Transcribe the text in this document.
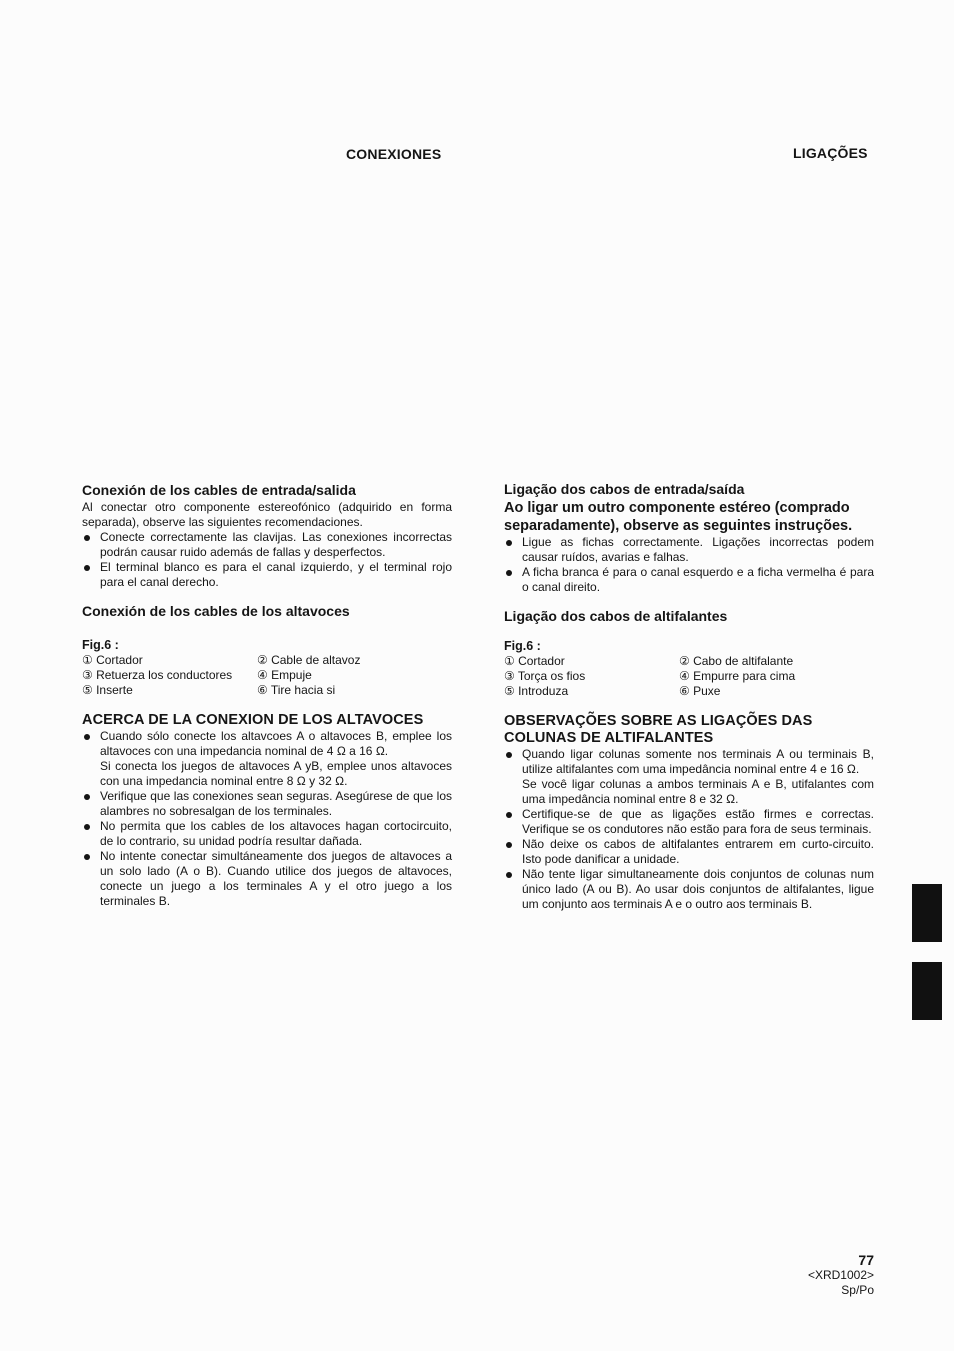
CONEXIONES	LIGAÇÕES

Conexión de los cables de entrada/salida

Al conectar otro componente estereofónico (adquirido en forma separada), observe las siguientes recomendaciones.

Conecte correctamente las clavijas. Las conexiones incorrectas podrán causar ruido además de fallas y desperfectos.
El terminal blanco es para el canal izquierdo, y el terminal rojo para el canal derecho.

Conexión de los cables de los altavoces

Fig.6 :

① Cortador	② Cable de altavoz
③ Retuerza los conductores	④ Empuje
⑤ Inserte	⑥ Tire hacia si

ACERCA DE LA CONEXION DE LOS ALTAVOCES

Cuando sólo conecte los altavcoes A o altavoces B, emplee los altavoces con una impedancia nominal de 4 Ω a 16 Ω.
Si conecta los juegos de altavoces A yB, emplee unos altavoces con una impedancia nominal entre 8 Ω y 32 Ω.
Verifique que las conexiones sean seguras. Asegúrese de que los alambres no sobresalgan de los terminales.
No permita que los cables de los altavoces hagan cortocircuito, de lo contrario, su unidad podría resultar dañada.
No intente conectar simultáneamente dos juegos de altavoces a un solo lado (A o B). Cuando utilice dos juegos de altavoces, conecte un juego a los terminales A y el otro juego a los terminales B.

Ligação dos cabos de entrada/saída

Ao ligar um outro componente estéreo (comprado separadamente), observe as seguintes instruções.

Ligue as fichas correctamente. Ligações incorrectas podem causar ruídos, avarias e falhas.
A ficha branca é para o canal esquerdo e a ficha vermelha é para o canal direito.

Ligação dos cabos de altifalantes

Fig.6 :

① Cortador	② Cabo de altifalante
③ Torça os fios	④ Empurre para cima
⑤ Introduza	⑥ Puxe

OBSERVAÇÕES SOBRE AS LIGAÇÕES DAS COLUNAS DE ALTIFALANTES

Quando ligar colunas somente nos terminais A ou terminais B, utilize altifalantes com uma impedância nominal entre 4 e 16 Ω.
Se você ligar colunas a ambos terminais A e B, utifalantes com uma impedância nominal entre 8 e 32 Ω.
Certifique-se de que as ligações estão firmes e correctas. Verifique se os condutores não estão para fora de seus terminais.
Não deixe os cabos de altifalantes entrarem em curto-circuito. Isto pode danificar a unidade.
Não tente ligar simultaneamente dois conjuntos de colunas num único lado (A ou B). Ao usar dois conjuntos de altifalantes, ligue um conjunto aos terminais A e o outro aos terminais B.
77
<XRD1002>
Sp/Po
